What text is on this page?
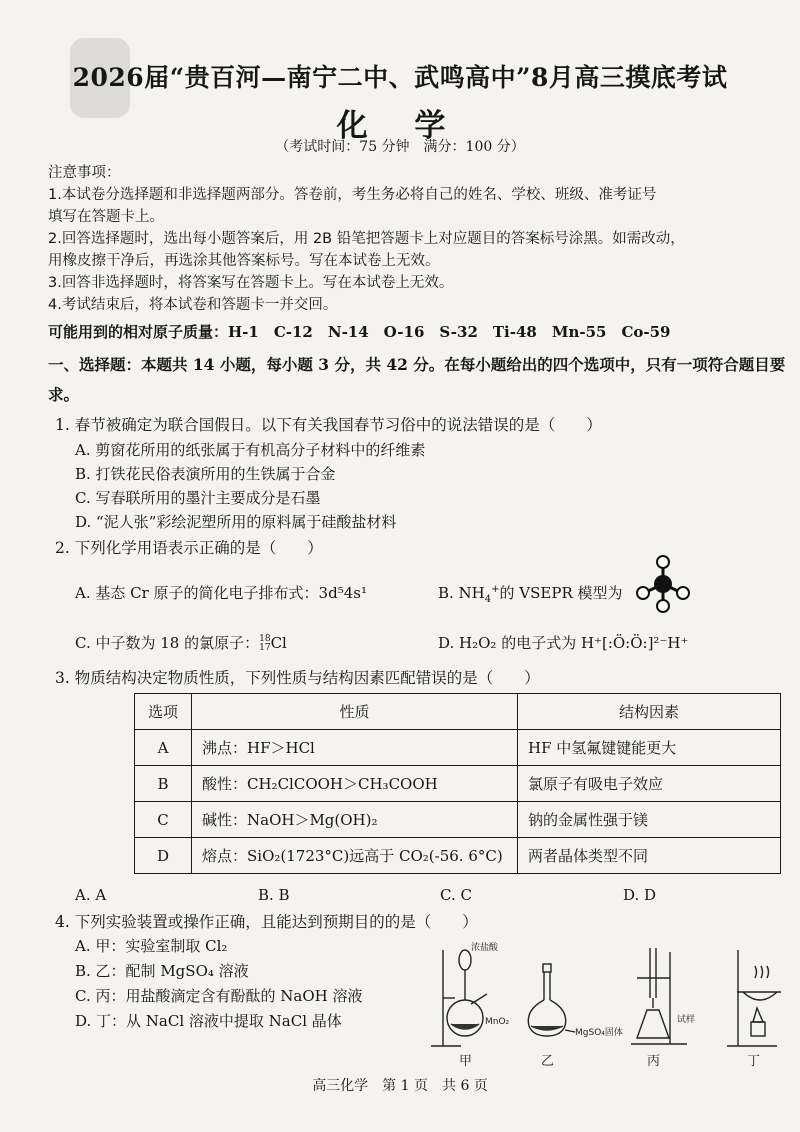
2026届“贵百河—南宁二中、武鸣高中”8月高三摸底考试
化 学
（考试时间：75 分钟　满分：100 分）
注意事项：
1.本试卷分选择题和非选择题两部分。答卷前，考生务必将自己的姓名、学校、班级、准考证号
填写在答题卡上。
2.回答选择题时，选出每小题答案后，用 2B 铅笔把答题卡上对应题目的答案标号涂黑。如需改动，
用橡皮擦干净后，再选涂其他答案标号。写在本试卷上无效。
3.回答非选择题时，将答案写在答题卡上。写在本试卷上无效。
4.考试结束后，将本试卷和答题卡一并交回。
可能用到的相对原子质量：H-1　C-12　N-14　O-16　S-32　Ti-48　Mn-55　Co-59
一、选择题：本题共 14 小题，每小题 3 分，共 42 分。在每小题给出的四个选项中，只有一项符合题目要求。
1. 春节被确定为联合国假日。以下有关我国春节习俗中的说法错误的是（　　）
A. 剪窗花所用的纸张属于有机高分子材料中的纤维素
B. 打铁花民俗表演所用的生铁属于合金
C. 写春联所用的墨汁主要成分是石墨
D. “泥人张”彩绘泥塑所用的原料属于硅酸盐材料
2. 下列化学用语表示正确的是（　　）
A. 基态 Cr 原子的简化电子排布式：3d⁵4s¹	B. $NH_4^+$的 VSEPR 模型为
C. 中子数为 18 的氯原子：18
17Cl	D. H₂O₂ 的电子式为 H⁺[:Ö:Ö:]²⁻H⁺
3. 物质结构决定物质性质，下列性质与结构因素匹配错误的是（　　）
选项	性质	结构因素
A	沸点：HF＞HCl	HF 中氢氟键键能更大
B	酸性：CH₂ClCOOH＞CH₃COOH	氯原子有吸电子效应
C	碱性：NaOH＞Mg(OH)₂	钠的金属性强于镁
D	熔点：SiO₂(1723°C)远高于 CO₂(-56. 6°C)	两者晶体类型不同
A. A	B. B	C. C	D. D
4. 下列实验装置或操作正确，且能达到预期目的的是（　　）
A. 甲：实验室制取 Cl₂
B. 乙：配制 MgSO₄ 溶液
C. 丙：用盐酸滴定含有酚酞的 NaOH 溶液
D. 丁：从 NaCl 溶液中提取 NaCl 晶体
浓盐酸
MnO₂
MgSO₄固体
试样
甲	乙	丙	丁
高三化学　第 1 页　共 6 页
